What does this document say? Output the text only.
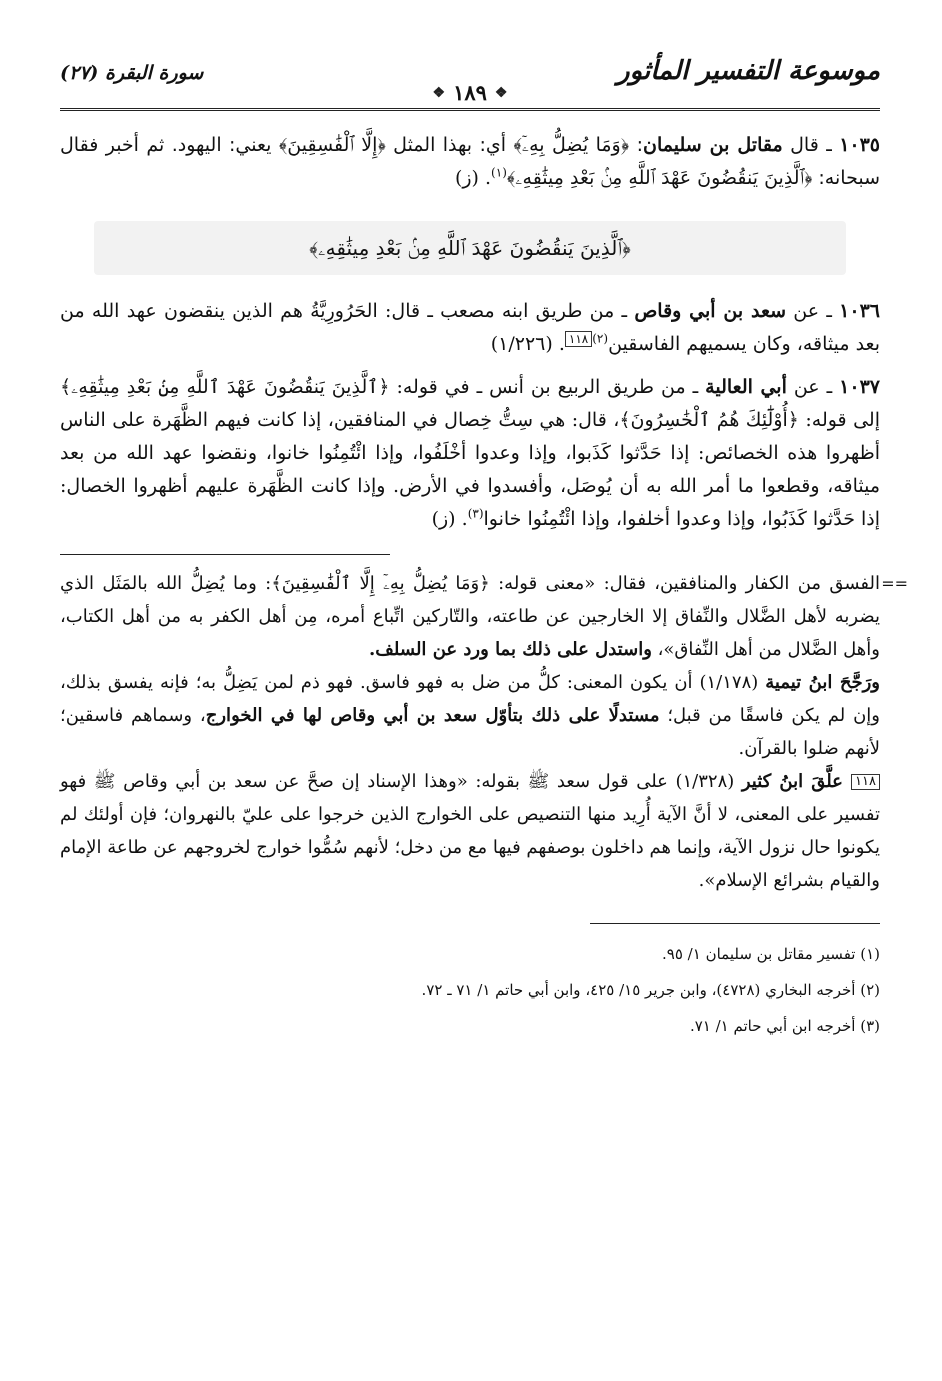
موسوعة التفسير المأثور
سورة البقرة (٢٧)
❖
١٨٩
❖

١٠٣٥ ـ قال مقاتل بن سليمان: ﴿وَمَا يُضِلُّ بِهِۦٓ﴾ أي: بهذا المثل ﴿إِلَّا ٱلْفَٰسِقِينَ﴾ يعني: اليهود. ثم أخبر فقال سبحانه: ﴿ٱلَّذِينَ يَنقُضُونَ عَهْدَ ٱللَّهِ مِنۢ بَعْدِ مِيثَٰقِهِۦ﴾$^{(١)}$. (ز)

﴿ٱلَّذِينَ يَنقُضُونَ عَهْدَ ٱللَّهِ مِنۢ بَعْدِ مِيثَٰقِهِۦ﴾

١٠٣٦ ـ عن سعد بن أبي وقاص ـ من طريق ابنه مصعب ـ قال: الحَرُورِيَّةُ هم الذين ينقضون عهد الله من بعد ميثاقه، وكان يسميهم الفاسقين$^{(٢)}$١١٨. (١/٢٢٦)

١٠٣٧ ـ عن أبي العالية ـ من طريق الربيع بن أنس ـ في قوله: ﴿ٱلَّذِينَ يَنقُضُونَ عَهْدَ ٱللَّهِ مِنۢ بَعْدِ مِيثَٰقِهِۦ﴾ إلى قوله: ﴿أُوْلَٰٓئِكَ هُمُ ٱلْخَٰسِرُونَ﴾، قال: هي سِتُّ خِصال في المنافقين، إذا كانت فيهم الظَّهَرة على الناس أظهروا هذه الخصائص: إذا حَدَّثوا كَذَبوا، وإذا وعدوا أخْلَفُوا، وإذا ائْتُمِنُوا خانوا، ونقضوا عهد الله من بعد ميثاقه، وقطعوا ما أمر الله به أن يُوصَل، وأفسدوا في الأرض. وإذا كانت الظَّهَرة عليهم أظهروا الخصال: إذا حَدَّثوا كَذَبُوا، وإذا وعدوا أخلفوا، وإذا ائْتُمِنُوا خانوا$^{(٣)}$. (ز)

==

الفسق من الكفار والمنافقين، فقال: «معنى قوله: ﴿وَمَا يُضِلُّ بِهِۦٓ إِلَّا ٱلْفَٰسِقِينَ﴾: وما يُضِلُّ الله بالمَثَل الذي يضربه لأهل الضَّلال والنِّفاق إلا الخارجين عن طاعته، والتّاركين اتِّباع أمره، مِن أهل الكفر به من أهل الكتاب، وأهل الضَّلال من أهل النِّفاق»، واستدل على ذلك بما ورد عن السلف.

ورَجَّحَ ابنُ تيمية (١/١٧٨) أن يكون المعنى: كلُّ من ضل به فهو فاسق. فهو ذم لمن يَضِلُّ به؛ فإنه يفسق بذلك، وإن لم يكن فاسقًا من قبل؛ مستدلًا على ذلك بتأوّل سعد بن أبي وقاص لها في الخوارج، وسماهم فاسقين؛ لأنهم ضلوا بالقرآن.

١١٨ علَّقَ ابنُ كثير (١/٣٢٨) على قول سعد ﷺ بقوله: «وهذا الإسناد إن صحَّ عن سعد بن أبي وقاص ﷺ فهو تفسير على المعنى، لا أنَّ الآية أُرِيد منها التنصيص على الخوارج الذين خرجوا على عليّ بالنهروان؛ فإن أولئك لم يكونوا حال نزول الآية، وإنما هم داخلون بوصفهم فيها مع من دخل؛ لأنهم سُمُّوا خوارج لخروجهم عن طاعة الإمام والقيام بشرائع الإسلام».

(١) تفسير مقاتل بن سليمان ١/ ٩٥.

(٢) أخرجه البخاري (٤٧٢٨)، وابن جرير ١٥/ ٤٢٥، وابن أبي حاتم ١/ ٧١ ـ ٧٢.

(٣) أخرجه ابن أبي حاتم ١/ ٧١.
